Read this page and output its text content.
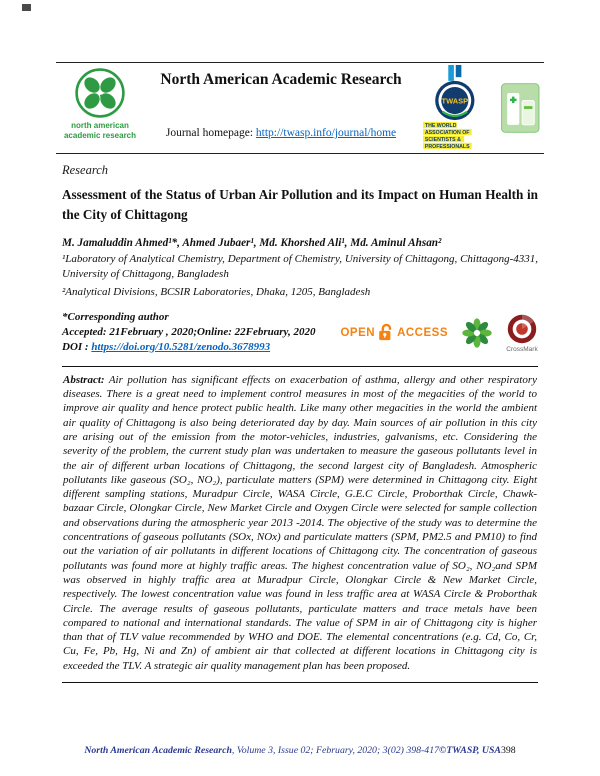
north american
academic research
North American Academic Research
Journal homepage: http://twasp.info/journal/home
TWASP
THE WORLD
ASSOCIATION OF
SCIENTISTS &
PROFESSIONALS

Research

Assessment of the Status of Urban Air Pollution and its Impact on Human Health in the City of Chittagong

M. Jamaluddin Ahmed¹*, Ahmed Jubaer¹, Md. Khorshed Ali¹, Md. Aminul Ahsan²

¹Laboratory of Analytical Chemistry, Department of Chemistry, University of Chittagong, Chittagong-4331, University of Chittagong, Bangladesh

²Analytical Divisions, BCSIR Laboratories, Dhaka, 1205, Bangladesh

*Corresponding author

Accepted: 21February , 2020;Online: 22February, 2020

DOI : https://doi.org/10.5281/zenodo.3678993

OPEN ACCESS
CrossMark

Abstract: Air pollution has significant effects on exacerbation of asthma, allergy and other respiratory diseases. There is a great need to implement control measures in most of the megacities of the world to improve air quality and hence protect public health. Like many other megacities in the world the ambient air quality of Chittagong is also being deteriorated day by day. Main sources of air pollution in this city are arising out of the emission from the motor-vehicles, industries, galvanisms, etc. Considering the severity of the problem, the current study plan was undertaken to measure the gaseous pollutants level in the air of different urban locations of Chittagong, the second largest city of Bangladesh. Atmospheric pollutants like gaseous (SO₂, NO₂), particulate matters (SPM) were determined in Chittagong city. Eight different sampling stations, Muradpur Circle, WASA Circle, G.E.C Circle, Proborthak Circle, Chawk-bazaar Circle, Olongkar Circle, New Market Circle and Oxygen Circle were selected for sample collection and observations during the atmospheric year 2013 -2014. The objective of the study was to determine the concentrations of gaseous pollutants (SOx, NOx) and particulate matters (SPM, PM2.5 and PM10) to find out the variation of air pollutants in different locations of Chittagong city. The concentration of gaseous pollutants was found more at highly traffic areas. The highest concentration value of SO₂, NO₂and SPM was observed in highly traffic area at Muradpur Circle, Olongkar Circle & New Market Circle, respectively. The lowest concentration value was found in less traffic area at WASA Circle & Proborthak Circle. The average results of gaseous pollutants, particulate matters and trace metals have been compared to national and international standards. The value of SPM in air of Chittagong city is higher than that of TLV value recommended by WHO and DOE. The elemental concentrations (e.g. Cd, Co, Cr, Cu, Fe, Pb, Hg, Ni and Zn) of ambient air that collected at different locations in Chittagong city is exceeded the TLV. A strategic air quality management plan has been proposed.

North American Academic Research, Volume 3, Issue 02; February, 2020; 3(02) 398-417©TWASP, USA398
